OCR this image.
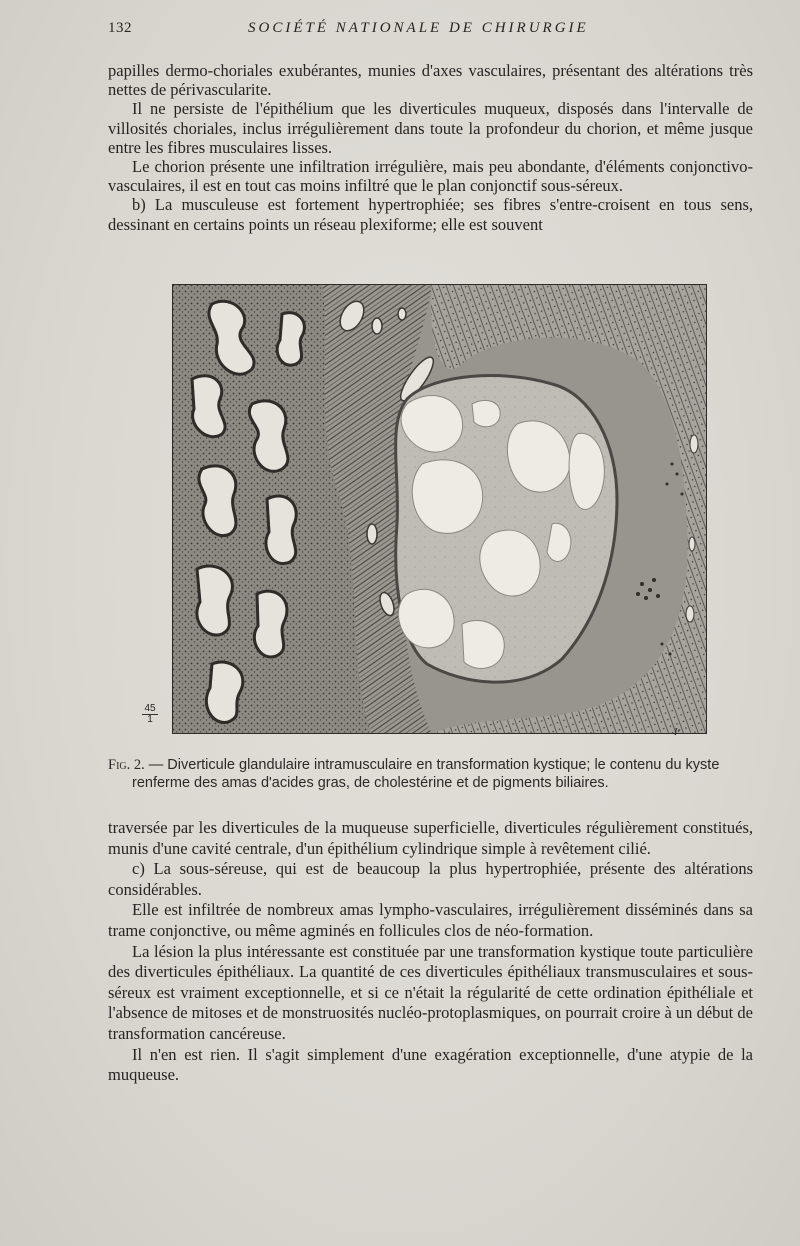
132	SOCIÉTÉ NATIONALE DE CHIRURGIE

papilles dermo-choriales exubérantes, munies d'axes vasculaires, présentant des altérations très nettes de périvascularite.

Il ne persiste de l'épithélium que les diverticules muqueux, disposés dans l'intervalle de villosités choriales, inclus irrégulièrement dans toute la profondeur du chorion, et même jusque entre les fibres musculaires lisses.

Le chorion présente une infiltration irrégulière, mais peu abondante, d'éléments conjonctivo-vasculaires, il est en tout cas moins infiltré que le plan conjonctif sous-séreux.

b) La musculeuse est fortement hypertrophiée; ses fibres s'entre-croisent en tous sens, dessinant en certains points un réseau plexiforme; elle est souvent

$\frac{45}{1}$
Iʳ
Fig. 2. — Diverticule glandulaire intramusculaire en transformation kystique; le contenu du kyste renferme des amas d'acides gras, de cholestérine et de pigments biliaires.

traversée par les diverticules de la muqueuse superficielle, diverticules régulièrement constitués, munis d'une cavité centrale, d'un épithélium cylindrique simple à revêtement cilié.

c) La sous-séreuse, qui est de beaucoup la plus hypertrophiée, présente des altérations considérables.

Elle est infiltrée de nombreux amas lympho-vasculaires, irrégulièrement disséminés dans sa trame conjonctive, ou même agminés en follicules clos de néo-formation.

La lésion la plus intéressante est constituée par une transformation kystique toute particulière des diverticules épithéliaux. La quantité de ces diverticules épithéliaux transmusculaires et sous-séreux est vraiment exceptionnelle, et si ce n'était la régularité de cette ordination épithéliale et l'absence de mitoses et de monstruosités nucléo-protoplasmiques, on pourrait croire à un début de transformation cancéreuse.

Il n'en est rien. Il s'agit simplement d'une exagération exceptionnelle, d'une atypie de la muqueuse.
